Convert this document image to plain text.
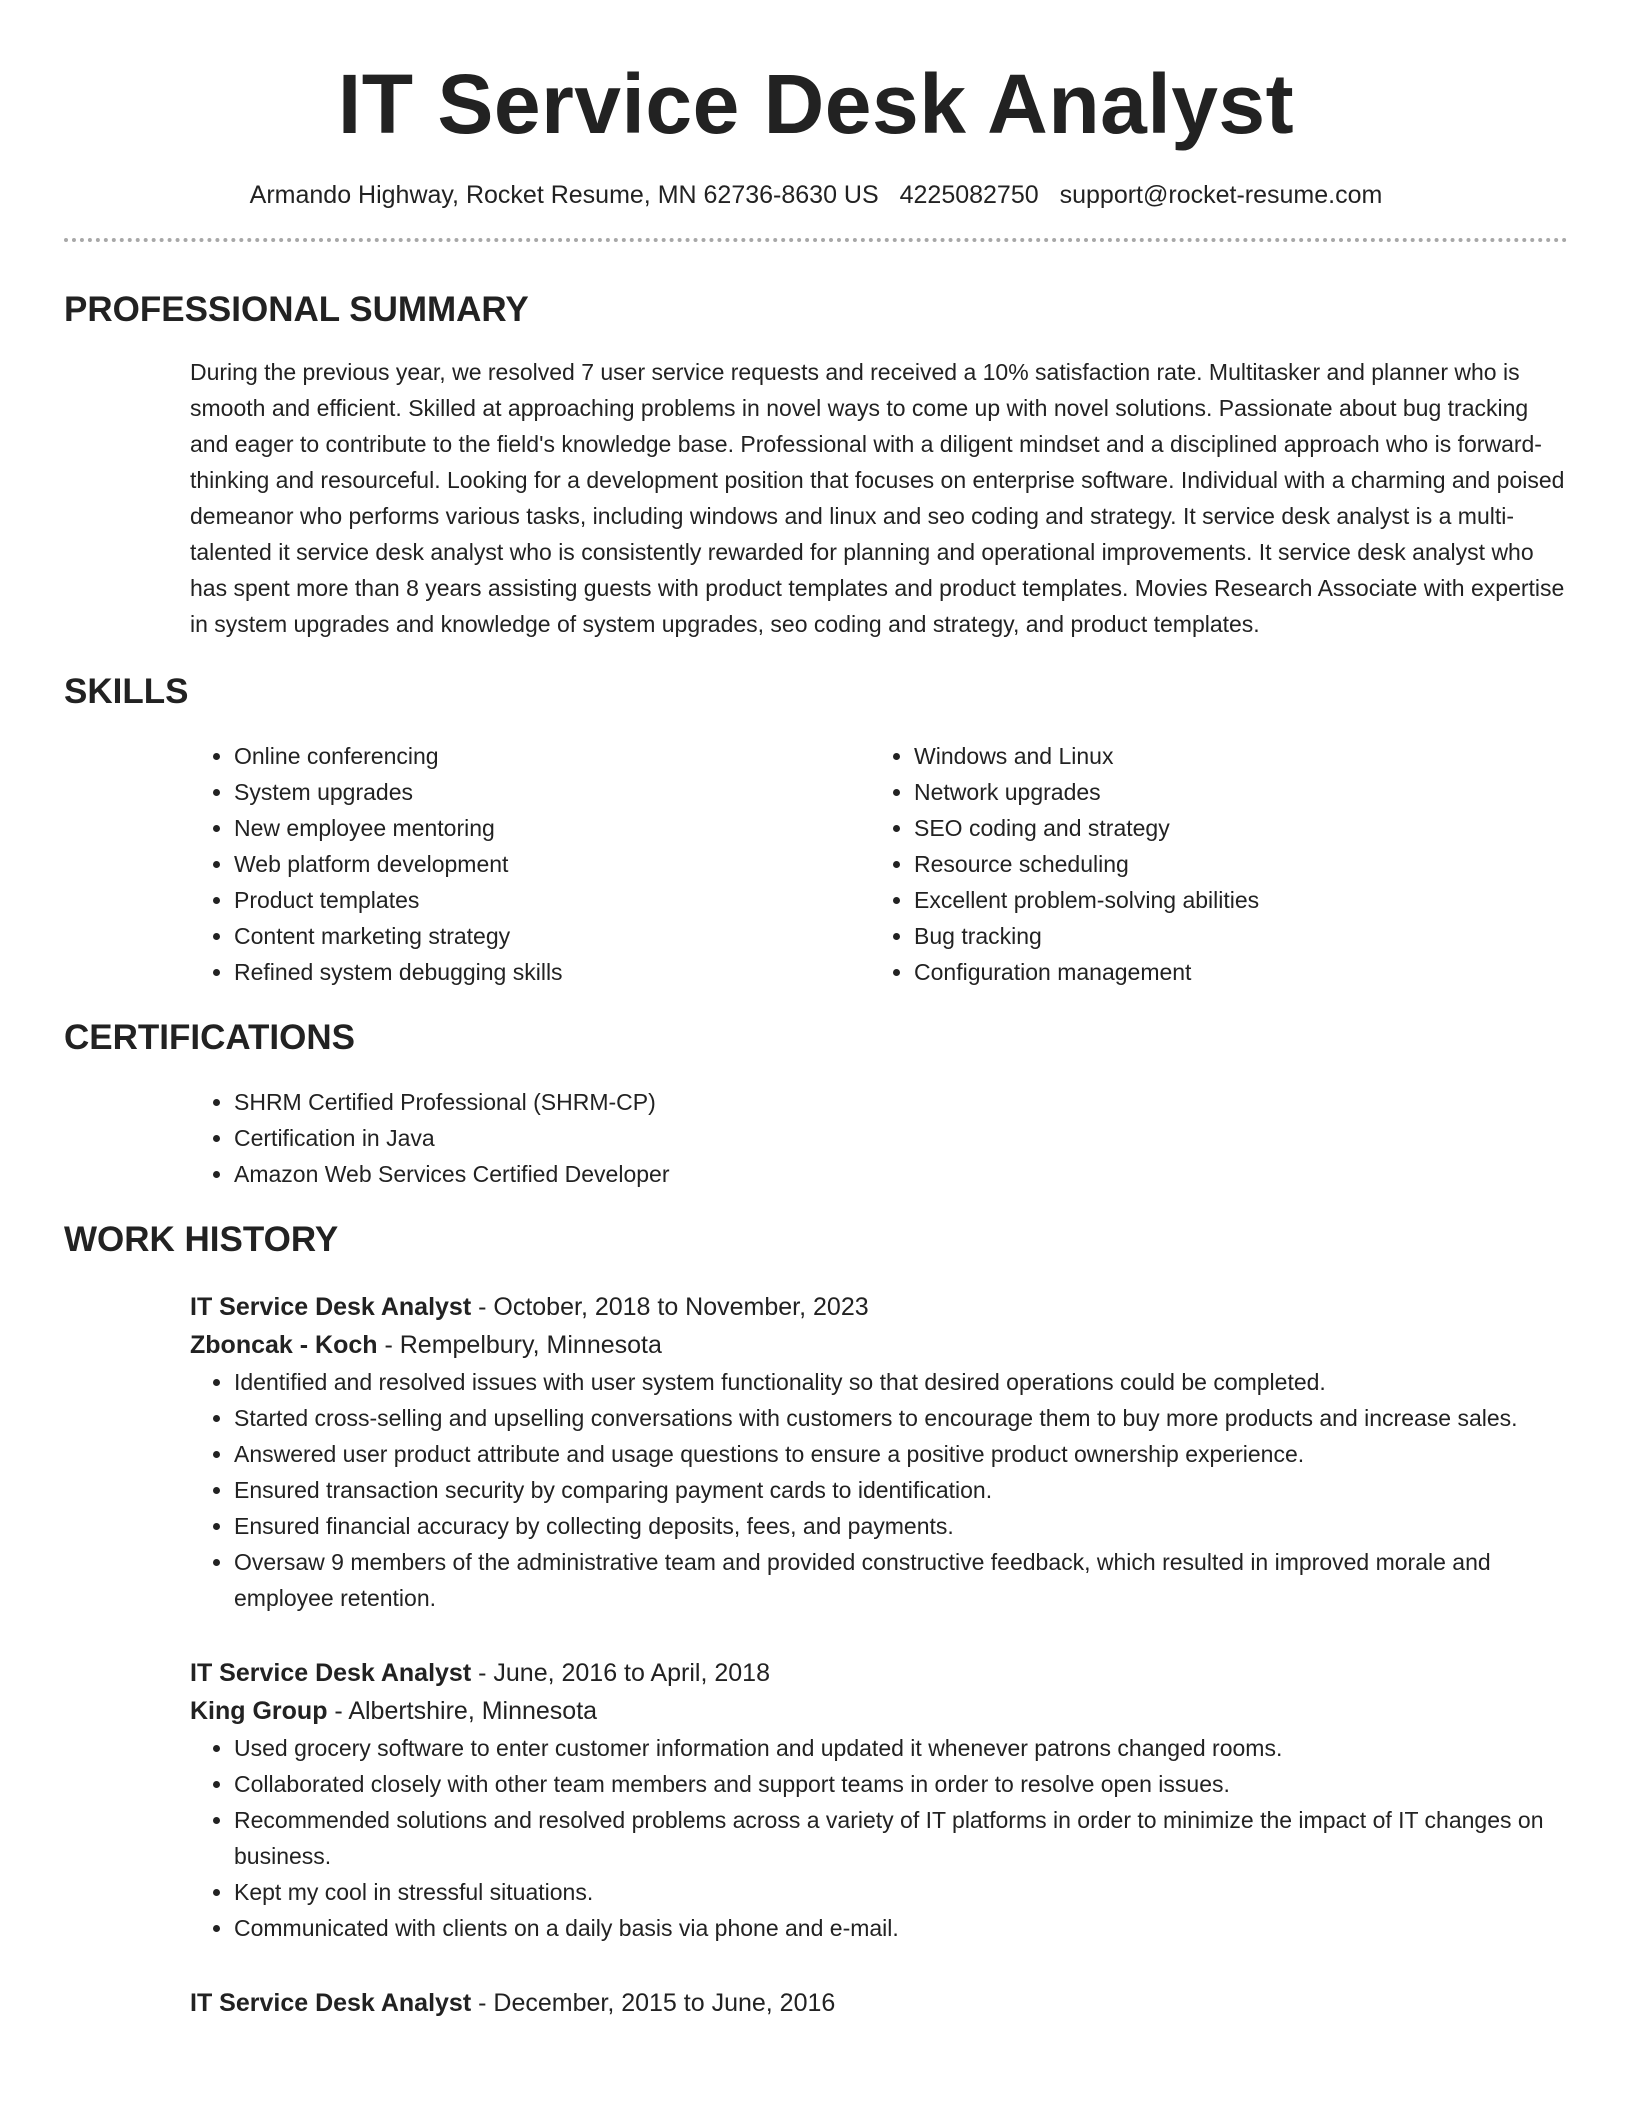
IT Service Desk Analyst
Armando Highway, Rocket Resume, MN 62736-8630 US 4225082750 support@rocket-resume.com
PROFESSIONAL SUMMARY

During the previous year, we resolved 7 user service requests and received a 10% satisfaction rate. Multitasker and planner who is smooth and efficient. Skilled at approaching problems in novel ways to come up with novel solutions. Passionate about bug tracking and eager to contribute to the field's knowledge base. Professional with a diligent mindset and a disciplined approach who is forward-thinking and resourceful. Looking for a development position that focuses on enterprise software. Individual with a charming and poised demeanor who performs various tasks, including windows and linux and seo coding and strategy. It service desk analyst is a multi-talented it service desk analyst who is consistently rewarded for planning and operational improvements. It service desk analyst who has spent more than 8 years assisting guests with product templates and product templates. Movies Research Associate with expertise in system upgrades and knowledge of system upgrades, seo coding and strategy, and product templates.

SKILLS
• Online conferencing
• System upgrades
• New employee mentoring
• Web platform development
• Product templates
• Content marketing strategy
• Refined system debugging skills
• Windows and Linux
• Network upgrades
• SEO coding and strategy
• Resource scheduling
• Excellent problem-solving abilities
• Bug tracking
• Configuration management
CERTIFICATIONS
• SHRM Certified Professional (SHRM-CP)
• Certification in Java
• Amazon Web Services Certified Developer
WORK HISTORY
IT Service Desk Analyst - October, 2018 to November, 2023
Zboncak - Koch - Rempelbury, Minnesota
• Identified and resolved issues with user system functionality so that desired operations could be completed.
• Started cross-selling and upselling conversations with customers to encourage them to buy more products and increase sales.
• Answered user product attribute and usage questions to ensure a positive product ownership experience.
• Ensured transaction security by comparing payment cards to identification.
• Ensured financial accuracy by collecting deposits, fees, and payments.
• Oversaw 9 members of the administrative team and provided constructive feedback, which resulted in improved morale and employee retention.
IT Service Desk Analyst - June, 2016 to April, 2018
King Group - Albertshire, Minnesota
• Used grocery software to enter customer information and updated it whenever patrons changed rooms.
• Collaborated closely with other team members and support teams in order to resolve open issues.
• Recommended solutions and resolved problems across a variety of IT platforms in order to minimize the impact of IT changes on business.
• Kept my cool in stressful situations.
• Communicated with clients on a daily basis via phone and e-mail.
IT Service Desk Analyst - December, 2015 to June, 2016
